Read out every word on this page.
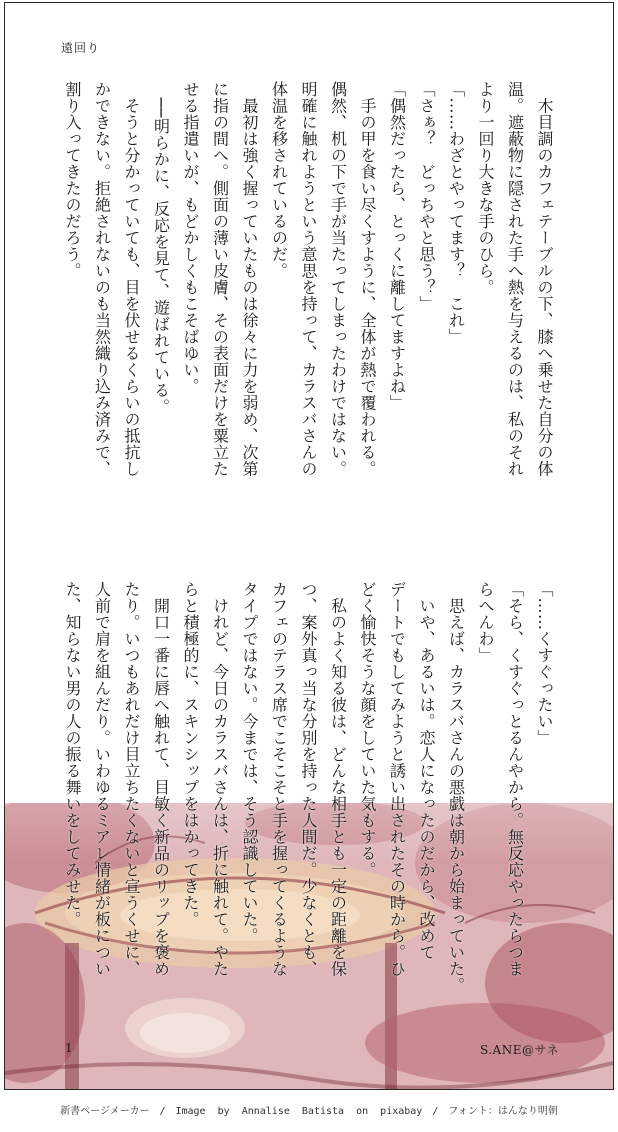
遠回り

　木目調のカフェテーブルの下、膝へ乗せた自分の体

温。遮蔽物に隠された手へ熱を与えるのは、私のそれ

より一回り大きな手のひら。

「……わざとやってます？　これ」

「さぁ？　どっちやと思う？」

「偶然だったら、とっくに離してますよね」

　手の甲を食い尽くすように、全体が熱で覆われる。

偶然、机の下で手が当たってしまったわけではない。

明確に触れようという意思を持って、カラスバさんの

体温を移されているのだ。

　最初は強く握っていたものは徐々に力を弱め、次第

に指の間へ。側面の薄い皮膚、その表面だけを粟立た

せる指遣いが、もどかしくもこそばゆい。

　──明らかに、反応を見て、遊ばれている。

　そうと分かっていても、目を伏せるくらいの抵抗し

かできない。拒絶されないのも当然織り込み済みで、

割り入ってきたのだろう。

「……くすぐったい」

「そら、くすぐっとるんやから。無反応やったらつま

らへんわ」

　思えば、カラスバさんの悪戯は朝から始まっていた。

　いや、あるいは。恋人になったのだから、改めて

デートでもしてみようと誘い出されたその時から。ひ

どく愉快そうな顔をしていた気もする。

　私のよく知る彼は、どんな相手とも一定の距離を保

つ、案外真っ当な分別を持った人間だ。少なくとも、

カフェのテラス席でこそこそと手を握ってくるような

タイプではない。今までは、そう認識していた。

　けれど、今日のカラスバさんは、折に触れて。やた

らと積極的に、スキンシップをはかってきた。

　開口一番に唇へ触れて、目敏く新品のリップを褒め

たり。いつもあれだけ目立ちたくないと宣うくせに、

人前で肩を組んだり。いわゆるミアレ情緒が板につい

た、知らない男の人の振る舞いをしてみせた。

1	S.ANE@サネ
新書ページメーカー　/　Image  by  Annalise  Batista  on  pixabay　/　フォント：はんなり明朝
